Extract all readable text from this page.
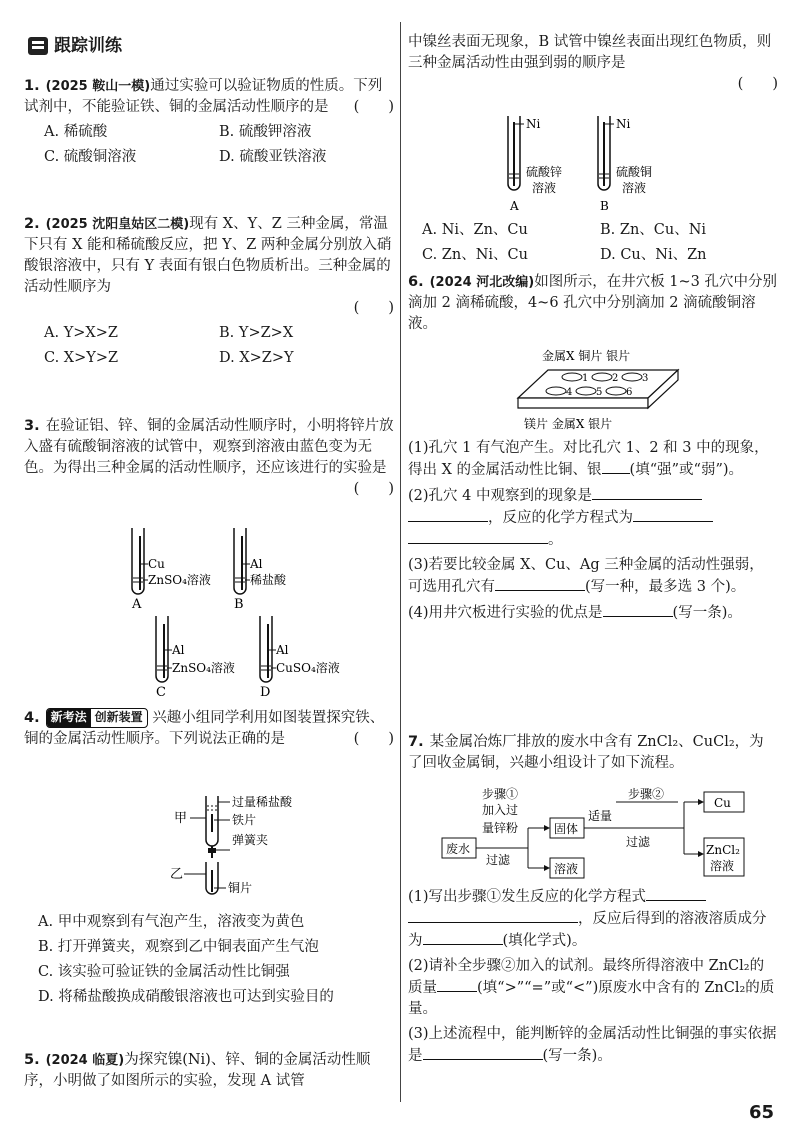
跟踪训练

1. (2025 鞍山一模)通过实验可以验证物质的性质。下列试剂中，不能验证铁、铜的金属活动性顺序的是 (　　)

A. 稀硫酸	B. 硫酸钾溶液
C. 硫酸铜溶液	D. 硫酸亚铁溶液

2. (2025 沈阳皇姑区二模)现有 X、Y、Z 三种金属，常温下只有 X 能和稀硫酸反应，把 Y、Z 两种金属分别放入硝酸银溶液中，只有 Y 表面有银白色物质析出。三种金属的活动性顺序为

(　　)

A. Y>X>Z	B. Y>Z>X
C. X>Y>Z	D. X>Z>Y

3. 在验证铝、锌、铜的金属活动性顺序时，小明将锌片放入盛有硫酸铜溶液的试管中，观察到溶液由蓝色变为无色。为得出三种金属的活动性顺序，还应该进行的实验是
(　　)

Cu
ZnSO₄溶液
A
Al
稀盐酸
B
Al
ZnSO₄溶液
C
Al
CuSO₄溶液
D

4. 新考法 创新装置 兴趣小组同学利用如图装置探究铁、铜的金属活动性顺序。下列说法正确的是	(　　)

甲
过量稀盐酸
铁片
弹簧夹
乙
铜片

A. 甲中观察到有气泡产生，溶液变为黄色

B. 打开弹簧夹，观察到乙中铜表面产生气泡

C. 该实验可验证铁的金属活动性比铜强

D. 将稀盐酸换成硝酸银溶液也可达到实验目的

5. (2024 临夏)为探究镍(Ni)、锌、铜的金属活动性顺序，小明做了如图所示的实验，发现 A 试管

中镍丝表面无现象，B 试管中镍丝表面出现红色物质，则三种金属活动性由强到弱的顺序是

(　　)

Ni
硫酸锌
溶液
A
Ni
硫酸铜
溶液
B
A. Ni、Zn、Cu	B. Zn、Cu、Ni
C. Zn、Ni、Cu	D. Cu、Ni、Zn

6. (2024 河北改编)如图所示，在井穴板 1~3 孔穴中分别滴加 2 滴稀硫酸，4~6 孔穴中分别滴加 2 滴硫酸铜溶液。

金属X 铜片 银片
1 2 3
4 5 6
镁片 金属X 银片

(1)孔穴 1 有气泡产生。对比孔穴 1、2 和 3 中的现象，得出 X 的金属活动性比铜、银 (填“强”或“弱”)。

(2)孔穴 4 中观察到的现象是

，反应的化学方程式为

。

(3)若要比较金属 X、Cu、Ag 三种金属的活动性强弱，可选用孔穴有	(写一种，最多选 3 个)。

(4)用井穴板进行实验的优点是	(写一条)。

7. 某金属冶炼厂排放的废水中含有 ZnCl₂、CuCl₂，为了回收金属铜，兴趣小组设计了如下流程。

步骤①
加入过
量锌粉
过滤
废水
固体
溶液
步骤②
适量
过滤
Cu
ZnCl₂
溶液

(1)写出步骤①发生反应的化学方程式

，反应后得到的溶液溶质成分为	(填化学式)。

(2)请补全步骤②加入的试剂。最终所得溶液中 ZnCl₂的质量	(填“>”“=”或“<”)原废水中含有的 ZnCl₂的质量。

(3)上述流程中，能判断锌的金属活动性比铜强的事实依据是	(写一条)。

65
